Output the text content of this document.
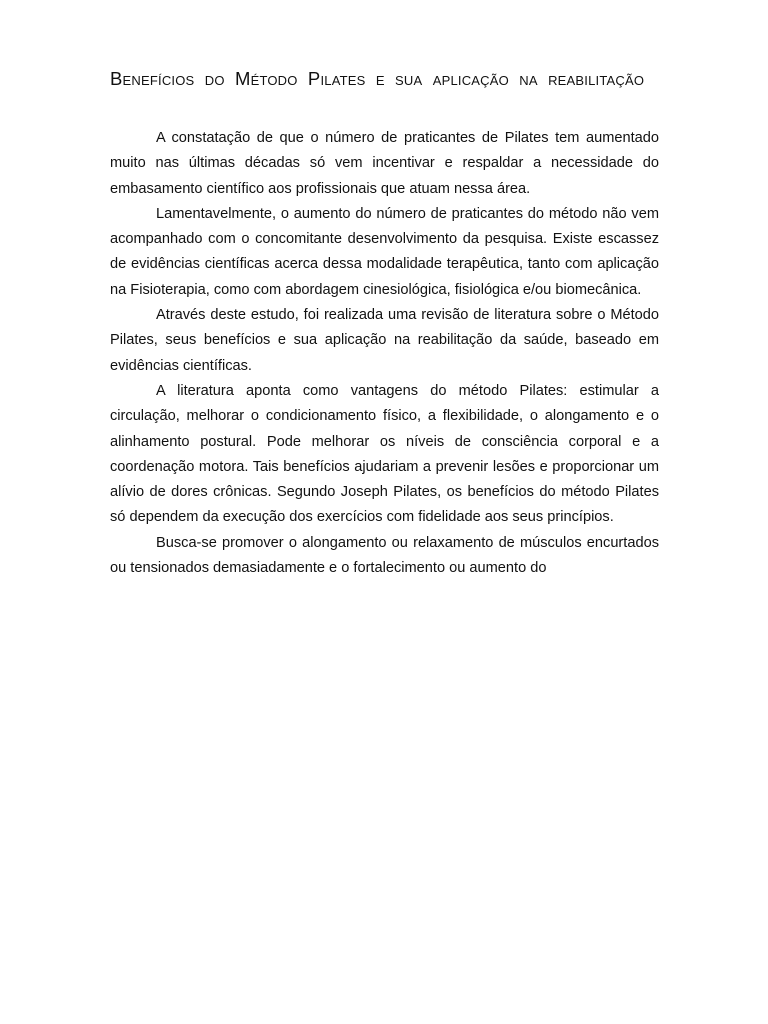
Benefícios do Método Pilates e sua aplicação na reabilitação

A constatação de que o número de praticantes de Pilates tem aumentado muito nas últimas décadas só vem incentivar e respaldar a necessidade do embasamento científico aos profissionais que atuam nessa área.

Lamentavelmente, o aumento do número de praticantes do método não vem acompanhado com o concomitante desenvolvimento da pesquisa. Existe escassez de evidências científicas acerca dessa modalidade terapêutica, tanto com aplicação na Fisioterapia, como com abordagem cinesiológica, fisiológica e/ou biomecânica.

Através deste estudo, foi realizada uma revisão de literatura sobre o Método Pilates, seus benefícios e sua aplicação na reabilitação da saúde, baseado em evidências científicas.

A literatura aponta como vantagens do método Pilates: estimular a circulação, melhorar o condicionamento físico, a flexibilidade, o alongamento e o alinhamento postural. Pode melhorar os níveis de consciência corporal e a coordenação motora. Tais benefícios ajudariam a prevenir lesões e proporcionar um alívio de dores crônicas. Segundo Joseph Pilates, os benefícios do método Pilates só dependem da execução dos exercícios com fidelidade aos seus princípios.

Busca-se promover o alongamento ou relaxamento de músculos encurtados ou tensionados demasiadamente e o fortalecimento ou aumento do
